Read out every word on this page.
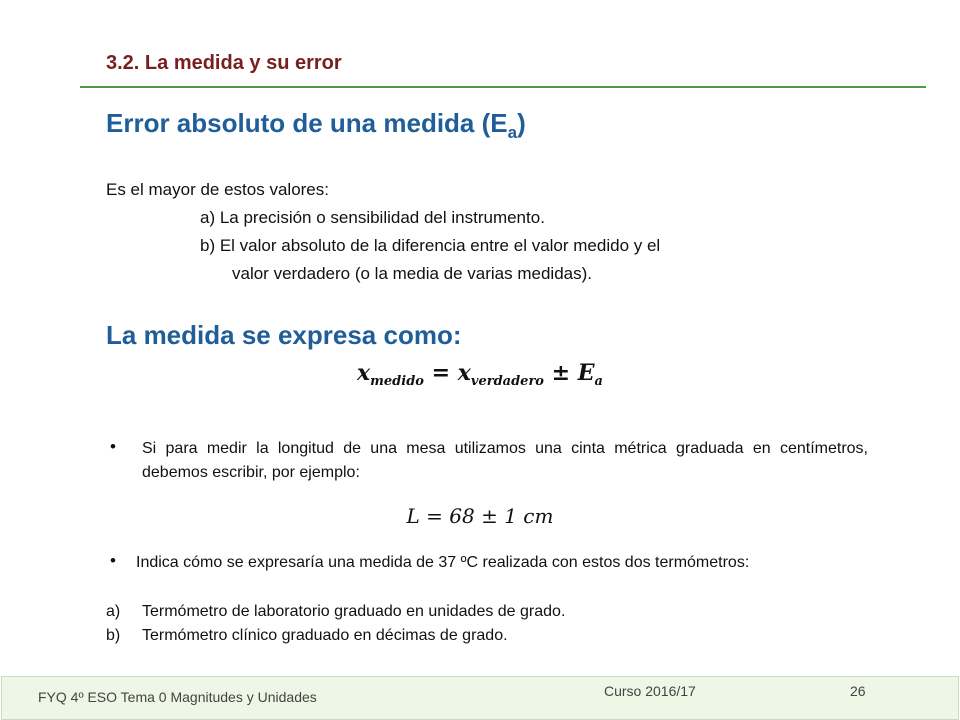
3.2. La medida y su error
Error absoluto de una medida $(E_a)$
Es el mayor de estos valores:
a) La precisión o sensibilidad del instrumento.
b) El valor absoluto de la diferencia entre el valor medido y el
valor verdadero (o la media de varias medidas).
La medida se expresa como:
$x_{medido} = x_{verdadero} \pm E_a$
• Si para medir la longitud de una mesa utilizamos una cinta métrica graduada en centímetros, debemos escribir, por ejemplo:
L = 68 ± 1 cm
• Indica cómo se expresaría una medida de 37 ºC realizada con estos dos termómetros:
a) Termómetro de laboratorio graduado en unidades de grado.
b) Termómetro clínico graduado en décimas de grado.
FYQ 4º ESO Tema 0 Magnitudes y Unidades	Curso 2016/17	26
